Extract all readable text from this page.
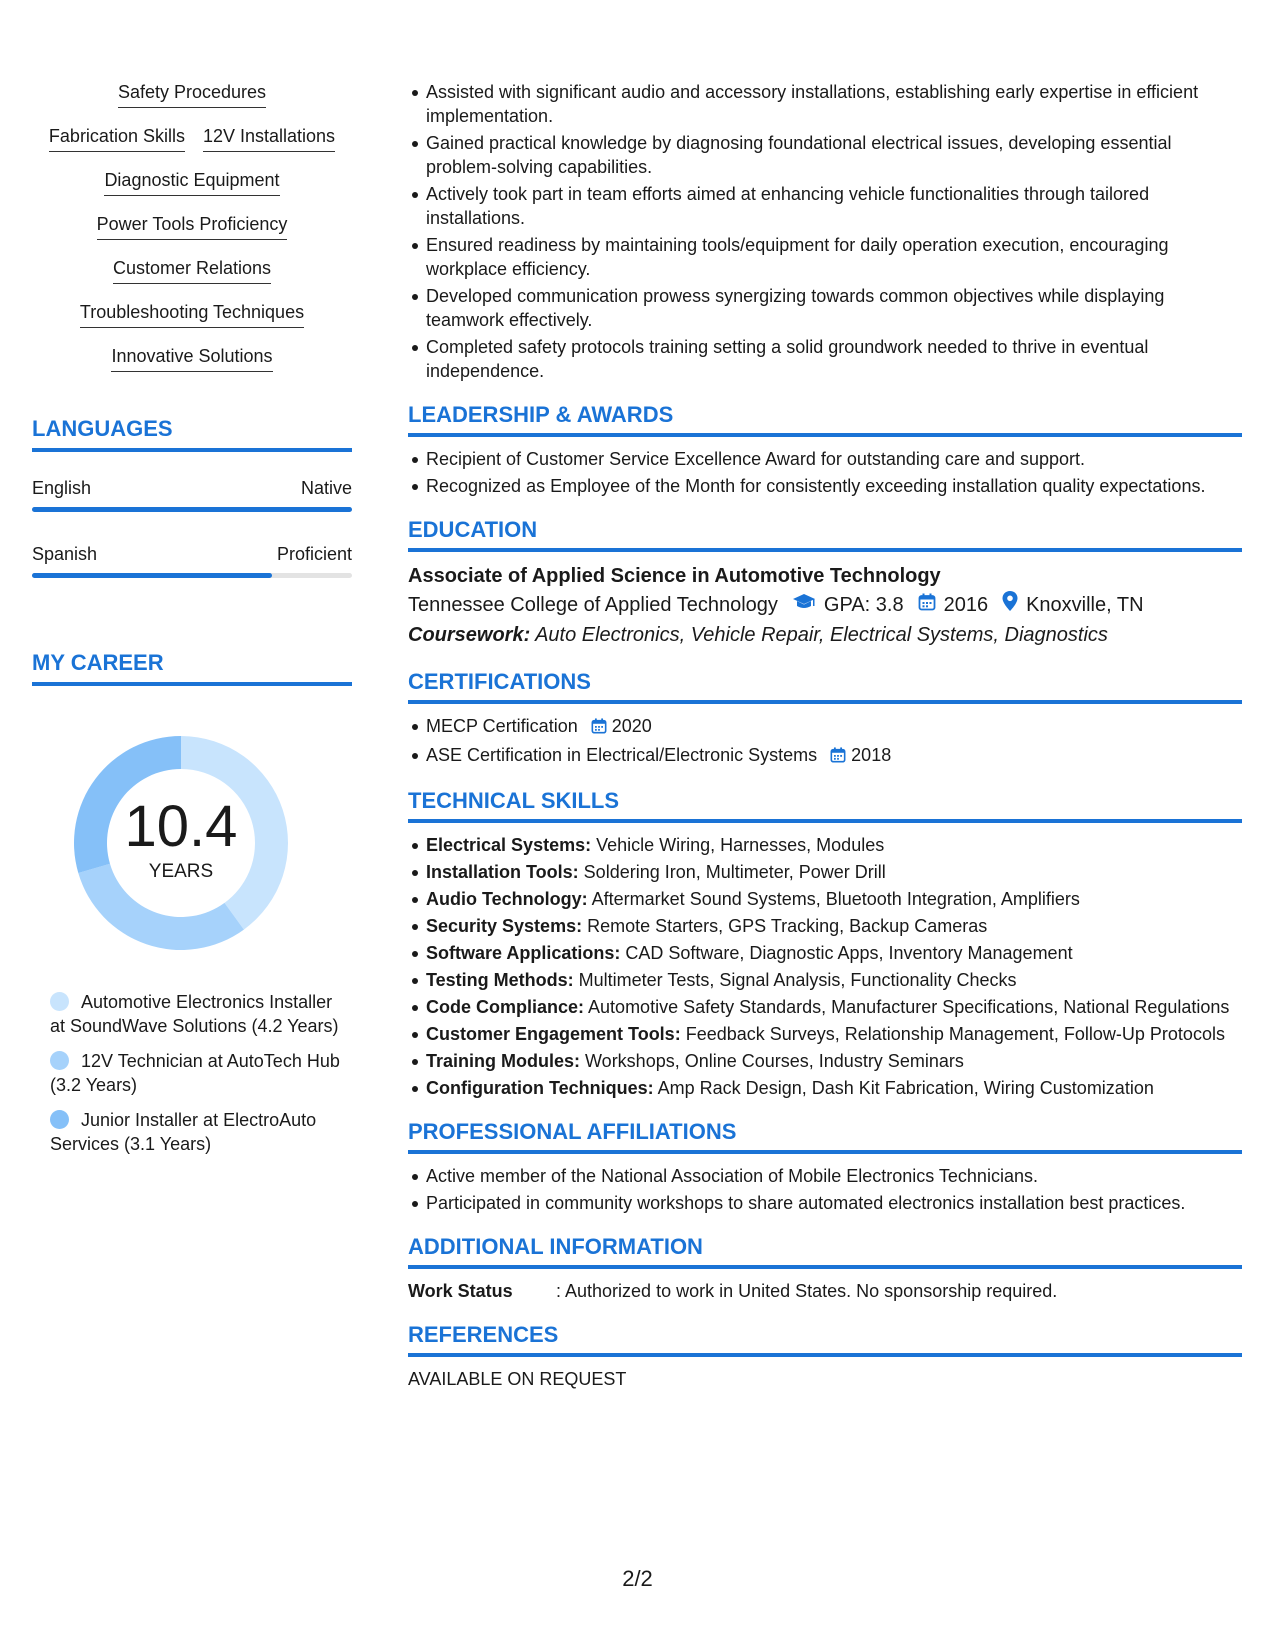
Safety Procedures
Fabrication Skills 12V Installations
Diagnostic Equipment
Power Tools Proficiency
Customer Relations
Troubleshooting Techniques
Innovative Solutions
LANGUAGES
English	Native
Spanish	Proficient
MY CAREER
10.4
YEARS
Automotive Electronics Installer at SoundWave Solutions (4.2 Years)
12V Technician at AutoTech Hub (3.2 Years)
Junior Installer at ElectroAuto Services (3.1 Years)
Assisted with significant audio and accessory installations, establishing early expertise in efficient implementation.
Gained practical knowledge by diagnosing foundational electrical issues, developing essential problem-solving capabilities.
Actively took part in team efforts aimed at enhancing vehicle functionalities through tailored installations.
Ensured readiness by maintaining tools/equipment for daily operation execution, encouraging workplace efficiency.
Developed communication prowess synergizing towards common objectives while displaying teamwork effectively.
Completed safety protocols training setting a solid groundwork needed to thrive in eventual independence.
LEADERSHIP & AWARDS
Recipient of Customer Service Excellence Award for outstanding care and support.
Recognized as Employee of the Month for consistently exceeding installation quality expectations.
EDUCATION
Associate of Applied Science in Automotive Technology
Tennessee College of Applied Technology GPA: 3.8 2016 Knoxville, TN
Coursework: Auto Electronics, Vehicle Repair, Electrical Systems, Diagnostics
CERTIFICATIONS
MECP Certification 2020
ASE Certification in Electrical/Electronic Systems 2018
TECHNICAL SKILLS
Electrical Systems: Vehicle Wiring, Harnesses, Modules
Installation Tools: Soldering Iron, Multimeter, Power Drill
Audio Technology: Aftermarket Sound Systems, Bluetooth Integration, Amplifiers
Security Systems: Remote Starters, GPS Tracking, Backup Cameras
Software Applications: CAD Software, Diagnostic Apps, Inventory Management
Testing Methods: Multimeter Tests, Signal Analysis, Functionality Checks
Code Compliance: Automotive Safety Standards, Manufacturer Specifications, National Regulations
Customer Engagement Tools: Feedback Surveys, Relationship Management, Follow-Up Protocols
Training Modules: Workshops, Online Courses, Industry Seminars
Configuration Techniques: Amp Rack Design, Dash Kit Fabrication, Wiring Customization
PROFESSIONAL AFFILIATIONS
Active member of the National Association of Mobile Electronics Technicians.
Participated in community workshops to share automated electronics installation best practices.
ADDITIONAL INFORMATION
Work Status	: Authorized to work in United States. No sponsorship required.
REFERENCES
AVAILABLE ON REQUEST
2/2
